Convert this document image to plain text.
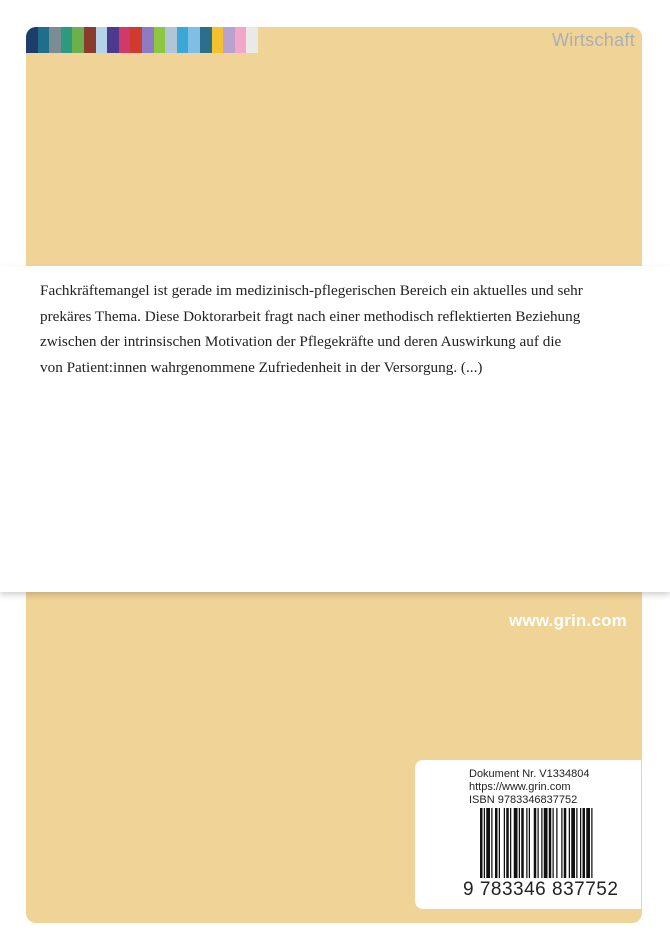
Wirtschaft

Fachkräftemangel ist gerade im medizinisch-pflegerischen Bereich ein aktuelles und sehr
prekäres Thema. Diese Doktorarbeit fragt nach einer methodisch reflektierten Beziehung
zwischen der intrinsischen Motivation der Pflegekräfte und deren Auswirkung auf die
von Patient:innen wahrgenommene Zufriedenheit in der Versorgung. (...)

www.grin.com
Dokument Nr. V1334804
https://www.grin.com
ISBN 9783346837752
9 783346 837752
